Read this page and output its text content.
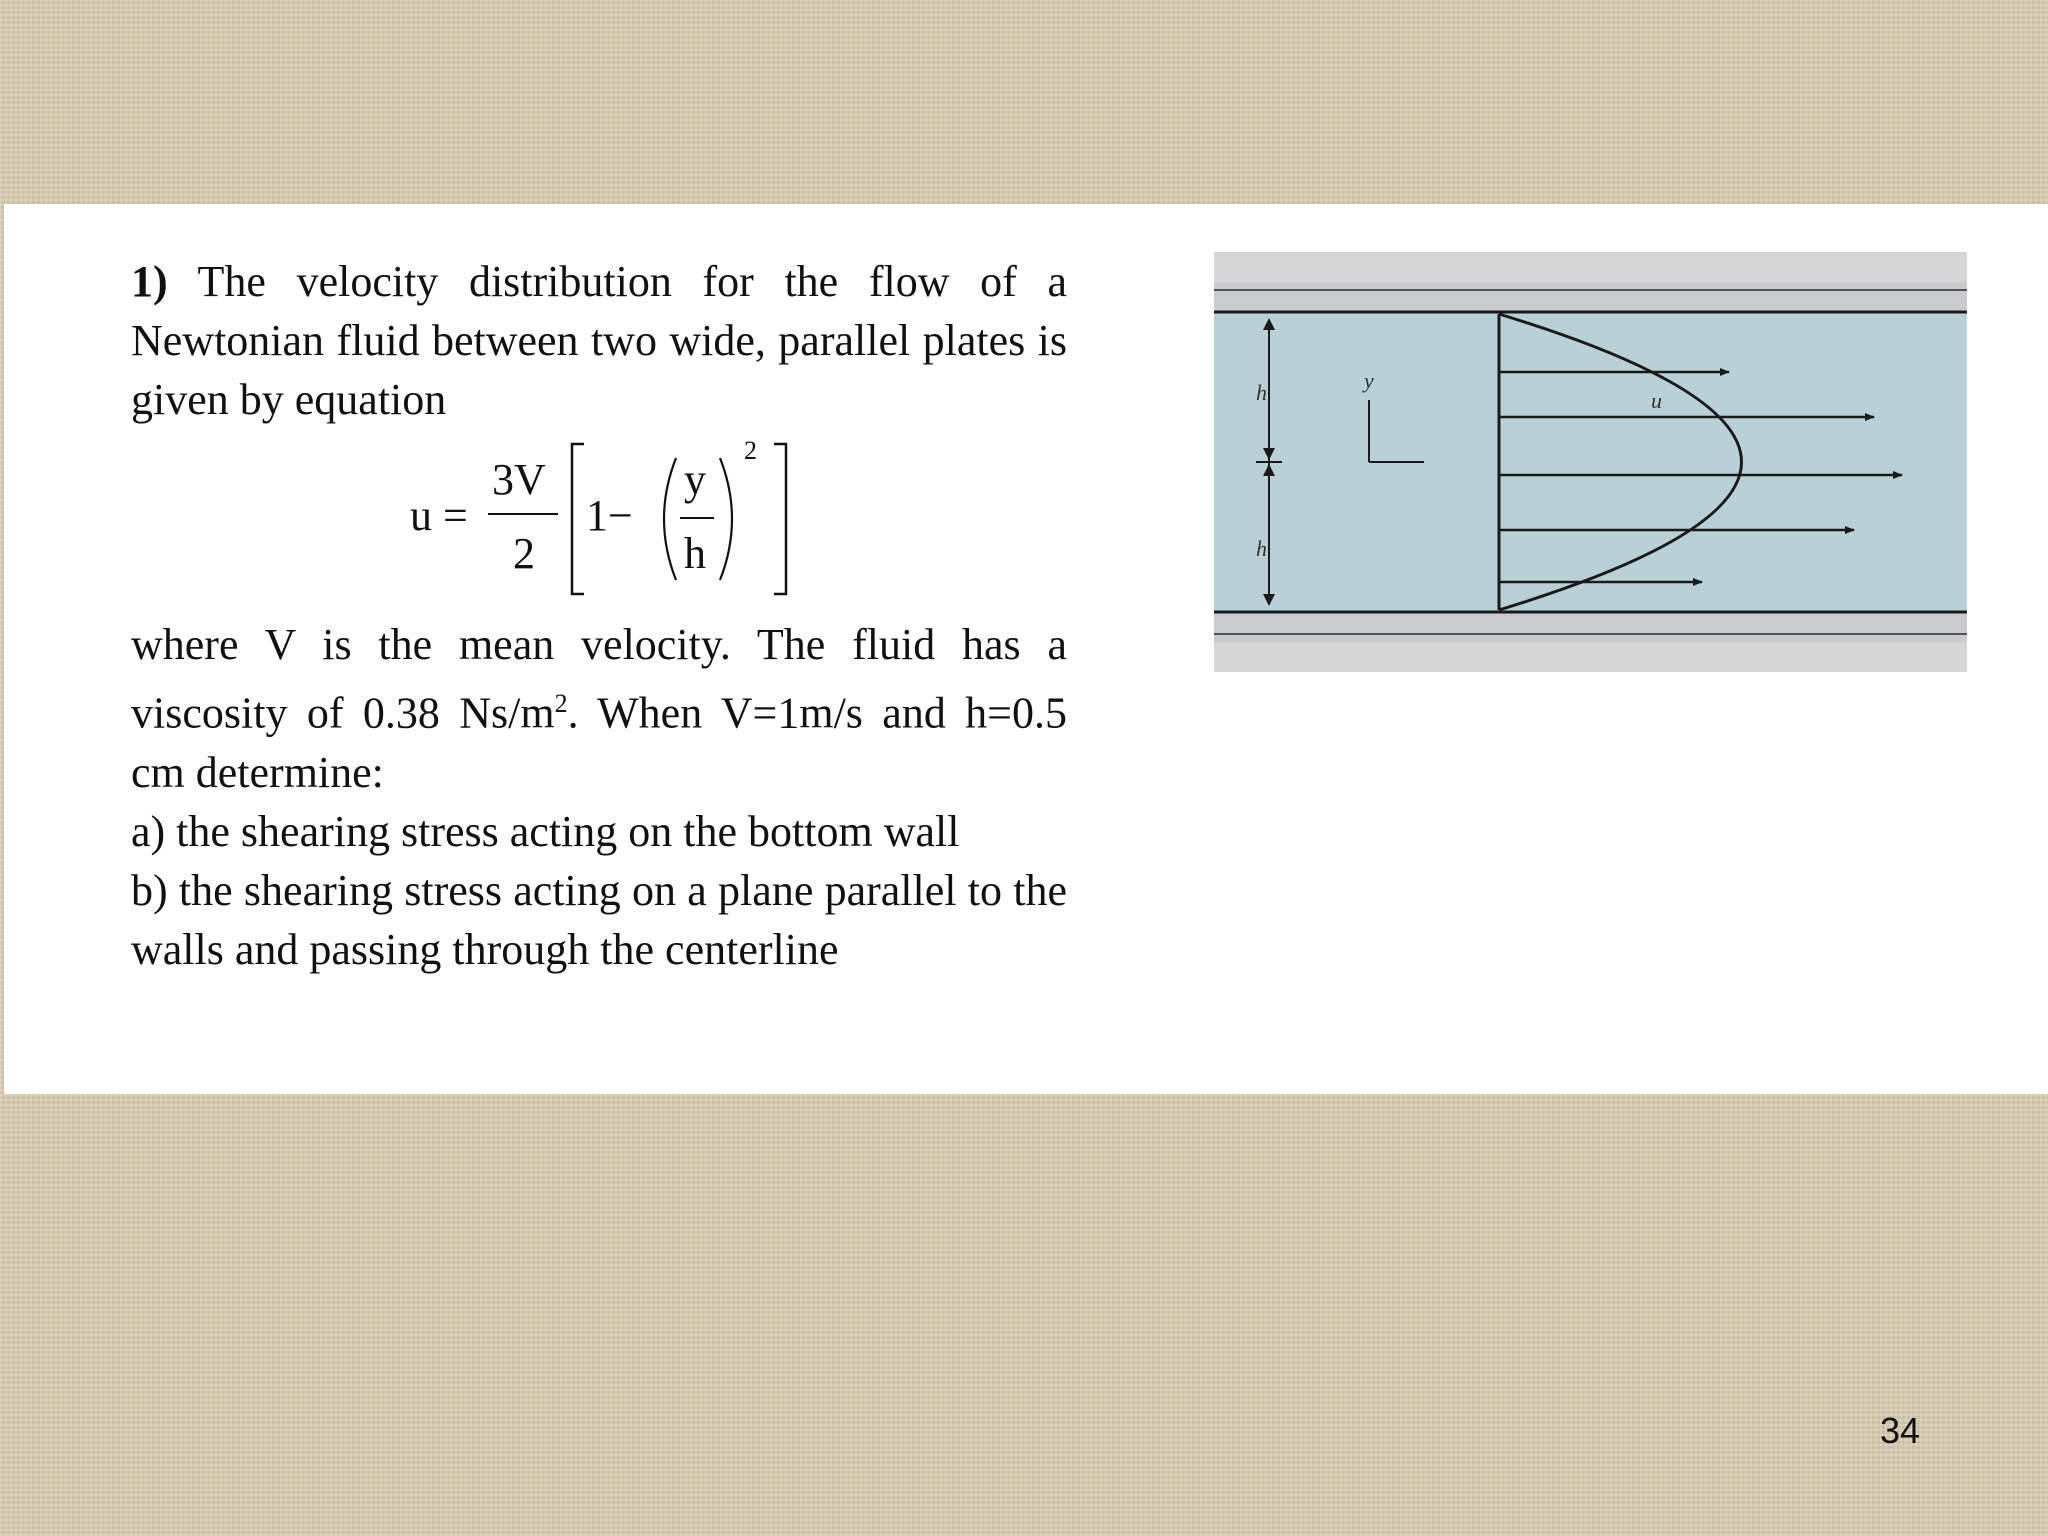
1) The velocity distribution for the flow of a Newtonian fluid between two wide, parallel plates is given by equation

where V is the mean velocity. The fluid has a viscosity of 0.38 $Ns/m^2$. When V=1m/s and h=0.5 cm determine:

a) the shearing stress acting on the bottom wall

b) the shearing stress acting on a plane parallel to the walls and passing through the centerline

u =
3V
2
1−
y
h
2
h
h
y
u
34
